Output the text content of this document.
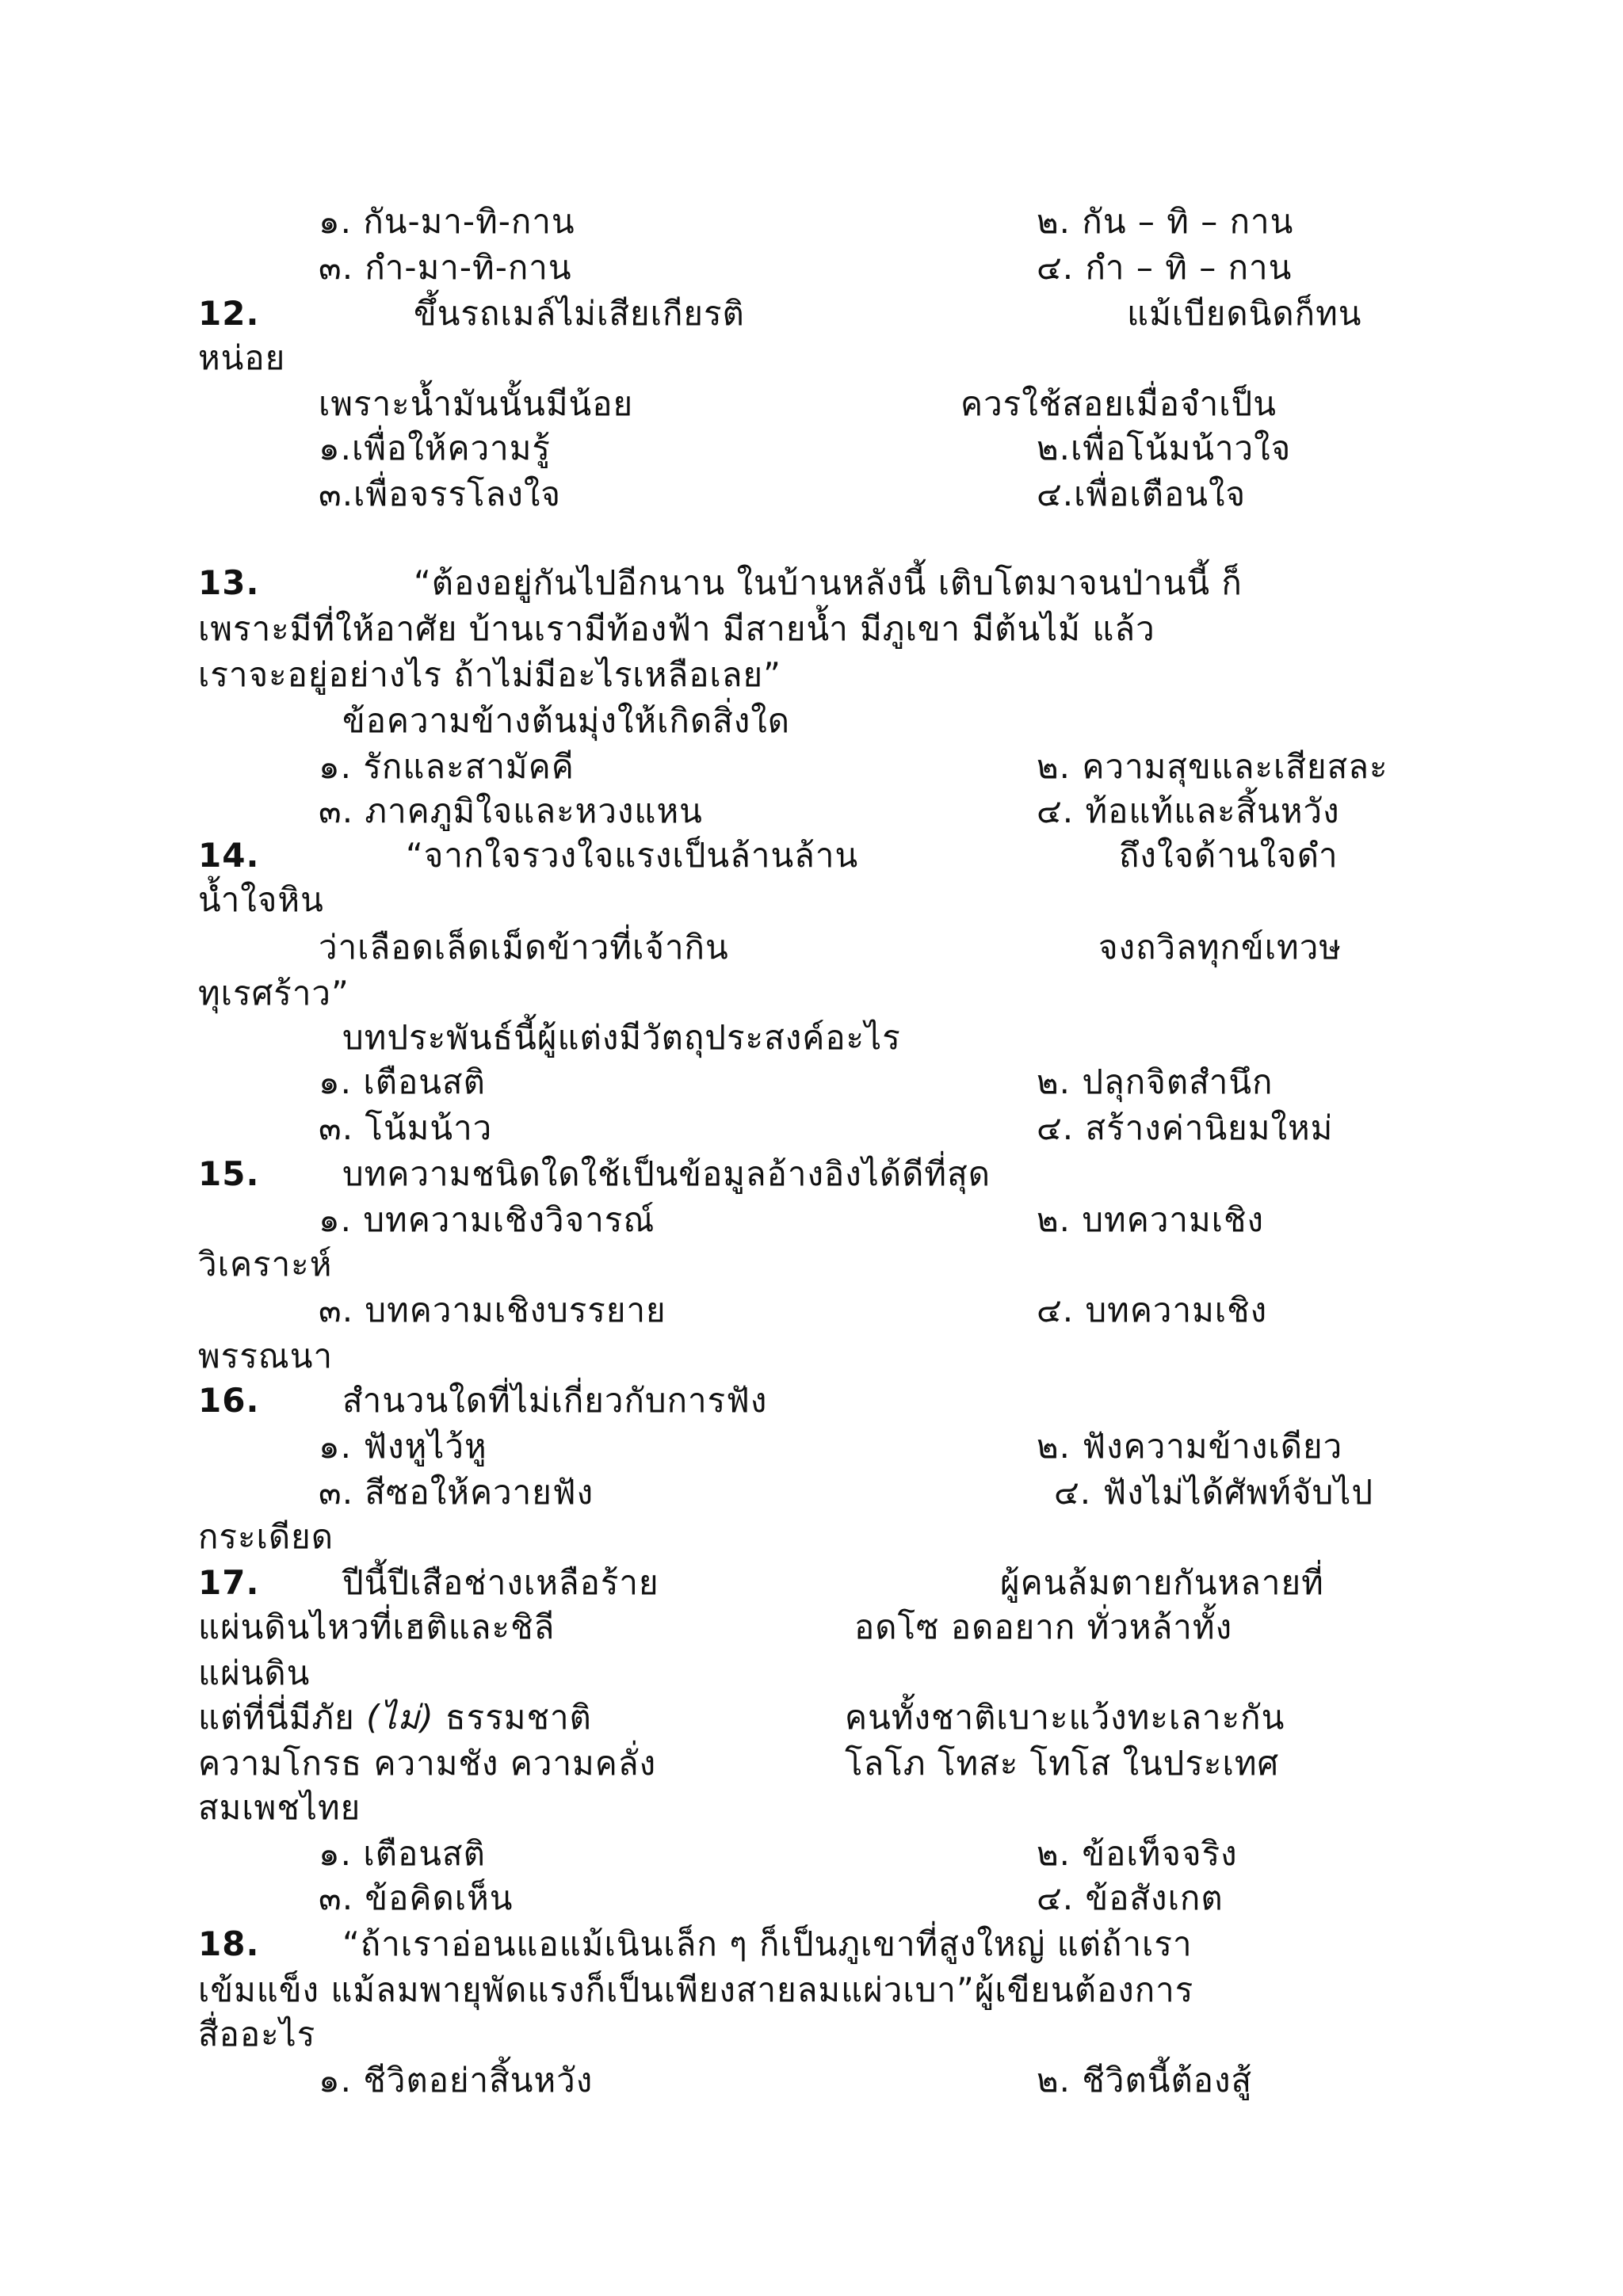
๑. กัน-มา-ทิ-กาน	๒. กัน – ทิ – กาน
๓. กำ-มา-ทิ-กาน	๔. กำ – ทิ – กาน
12.	ขึ้นรถเมล์ไม่เสียเกียรติ	แม้เบียดนิดก็ทน
หน่อย
เพราะน้ำมันนั้นมีน้อย	ควรใช้สอยเมื่อจำเป็น
๑.เพื่อให้ความรู้	๒.เพื่อโน้มน้าวใจ
๓.เพื่อจรรโลงใจ	๔.เพื่อเตือนใจ
13.	“ต้องอยู่กันไปอีกนาน ในบ้านหลังนี้ เติบโตมาจนป่านนี้ ก็
เพราะมีที่ให้อาศัย บ้านเรามีท้องฟ้า มีสายน้ำ มีภูเขา มีต้นไม้ แล้ว
เราจะอยู่อย่างไร ถ้าไม่มีอะไรเหลือเลย”
ข้อความข้างต้นมุ่งให้เกิดสิ่งใด
๑. รักและสามัคคี	๒. ความสุขและเสียสละ
๓. ภาคภูมิใจและหวงแหน	๔. ท้อแท้และสิ้นหวัง
14.	“จากใจรวงใจแรงเป็นล้านล้าน	ถึงใจด้านใจดำ
น้ำใจหิน
ว่าเลือดเล็ดเม็ดข้าวที่เจ้ากิน	จงถวิลทุกข์เทวษ
ทุเรศร้าว”
บทประพันธ์นี้ผู้แต่งมีวัตถุประสงค์อะไร
๑. เตือนสติ	๒. ปลุกจิตสำนึก
๓. โน้มน้าว	๔. สร้างค่านิยมใหม่
15. บทความชนิดใดใช้เป็นข้อมูลอ้างอิงได้ดีที่สุด
๑. บทความเชิงวิจารณ์	๒. บทความเชิง
วิเคราะห์
๓. บทความเชิงบรรยาย	๔. บทความเชิง
พรรณนา
16. สำนวนใดที่ไม่เกี่ยวกับการฟัง
๑. ฟังหูไว้หู	๒. ฟังความข้างเดียว
๓. สีซอให้ควายฟัง	๔. ฟังไม่ได้ศัพท์จับไป
กระเดียด
17. ปีนี้ปีเสือช่างเหลือร้าย	ผู้คนล้มตายกันหลายที่
แผ่นดินไหวที่เฮติและชิลี	อดโซ อดอยาก ทั่วหล้าทั้ง
แผ่นดิน
แต่ที่นี่มีภัย (ไม่) ธรรมชาติ	คนทั้งชาติเบาะแว้งทะเลาะกัน
ความโกรธ ความชัง ความคลั่ง	โลโภ โทสะ โทโส ในประเทศ
สมเพชไทย
๑. เตือนสติ	๒. ข้อเท็จจริง
๓. ข้อคิดเห็น	๔. ข้อสังเกต
18. “ถ้าเราอ่อนแอแม้เนินเล็ก ๆ ก็เป็นภูเขาที่สูงใหญ่ แต่ถ้าเรา
เข้มแข็ง แม้ลมพายุพัดแรงก็เป็นเพียงสายลมแผ่วเบา”ผู้เขียนต้องการ
สื่ออะไร
๑. ชีวิตอย่าสิ้นหวัง	๒. ชีวิตนี้ต้องสู้
